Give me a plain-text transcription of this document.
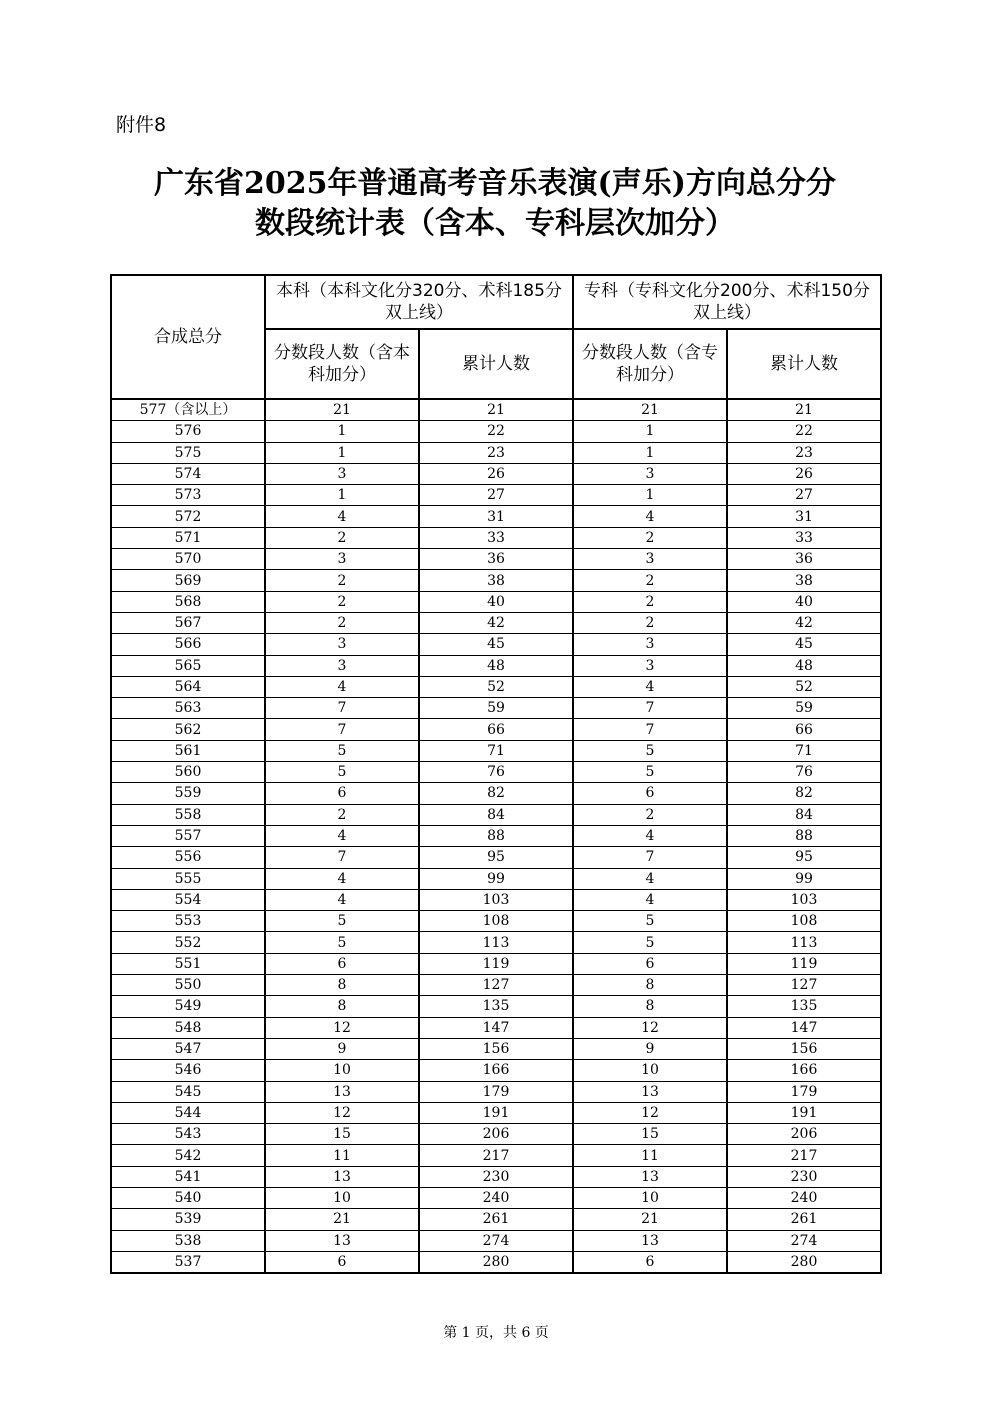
附件8
广东省2025年普通高考音乐表演(声乐)方向总分分
数段统计表（含本、专科层次加分）
合成总分	本科（本科文化分320分、术科185分双上线）		专科（专科文化分200分、术科150分双上线）	
	分数段人数（含本科加分）	累计人数	分数段人数（含专科加分）	累计人数
577（含以上）	21	21	21	21
576	1	22	1	22
575	1	23	1	23
574	3	26	3	26
573	1	27	1	27
572	4	31	4	31
571	2	33	2	33
570	3	36	3	36
569	2	38	2	38
568	2	40	2	40
567	2	42	2	42
566	3	45	3	45
565	3	48	3	48
564	4	52	4	52
563	7	59	7	59
562	7	66	7	66
561	5	71	5	71
560	5	76	5	76
559	6	82	6	82
558	2	84	2	84
557	4	88	4	88
556	7	95	7	95
555	4	99	4	99
554	4	103	4	103
553	5	108	5	108
552	5	113	5	113
551	6	119	6	119
550	8	127	8	127
549	8	135	8	135
548	12	147	12	147
547	9	156	9	156
546	10	166	10	166
545	13	179	13	179
544	12	191	12	191
543	15	206	15	206
542	11	217	11	217
541	13	230	13	230
540	10	240	10	240
539	21	261	21	261
538	13	274	13	274
537	6	280	6	280
第 1 页，共 6 页
